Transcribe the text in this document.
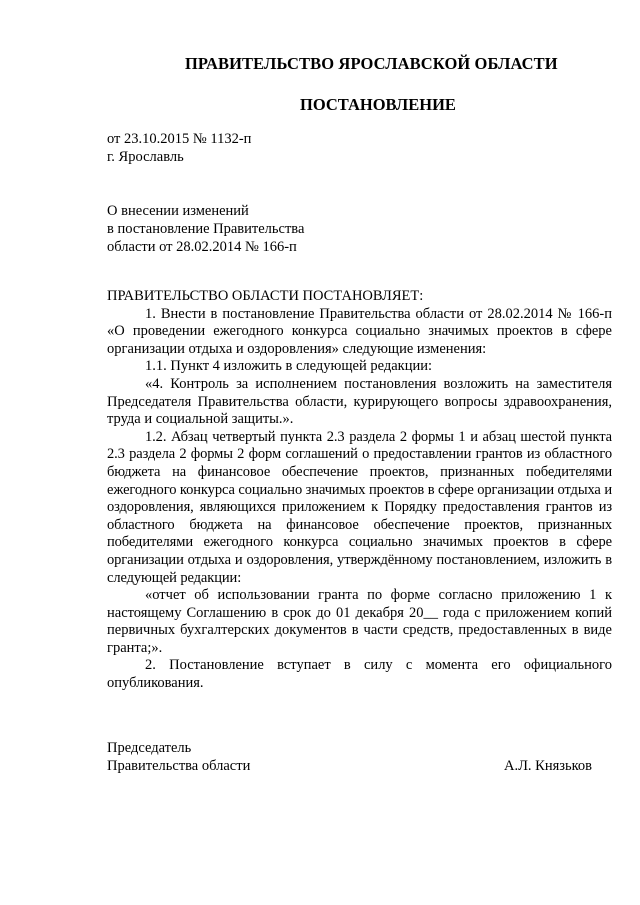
ПРАВИТЕЛЬСТВО ЯРОСЛАВСКОЙ ОБЛАСТИ
ПОСТАНОВЛЕНИЕ
от 23.10.2015 № 1132-п
г. Ярославль
О внесении изменений
в постановление Правительства
области от 28.02.2014 № 166-п

ПРАВИТЕЛЬСТВО ОБЛАСТИ ПОСТАНОВЛЯЕТ:

1. Внести в постановление Правительства области от 28.02.2014 № 166-п «О проведении ежегодного конкурса социально значимых проектов в сфере организации отдыха и оздоровления» следующие изменения:

1.1. Пункт 4 изложить в следующей редакции:

«4. Контроль за исполнением постановления возложить на заместителя Председателя Правительства области, курирующего вопросы здравоохранения, труда и социальной защиты.».

1.2. Абзац четвертый пункта 2.3 раздела 2 формы 1 и абзац шестой пункта 2.3 раздела 2 формы 2 форм соглашений о предоставлении грантов из областного бюджета на финансовое обеспечение проектов, признанных победителями ежегодного конкурса социально значимых проектов в сфере организации отдыха и оздоровления, являющихся приложением к Порядку предоставления грантов из областного бюджета на финансовое обеспечение проектов, признанных победителями ежегодного конкурса социально значимых проектов в сфере организации отдыха и оздоровления, утверждённому постановлением, изложить в следующей редакции:

«отчет об использовании гранта по форме согласно приложению 1 к настоящему Соглашению в срок до 01 декабря 20__ года с приложением копий первичных бухгалтерских документов в части средств, предоставленных в виде гранта;».

2. Постановление вступает в силу с момента его официального опубликования.

Председатель
Правительства области	А.Л. Князьков
